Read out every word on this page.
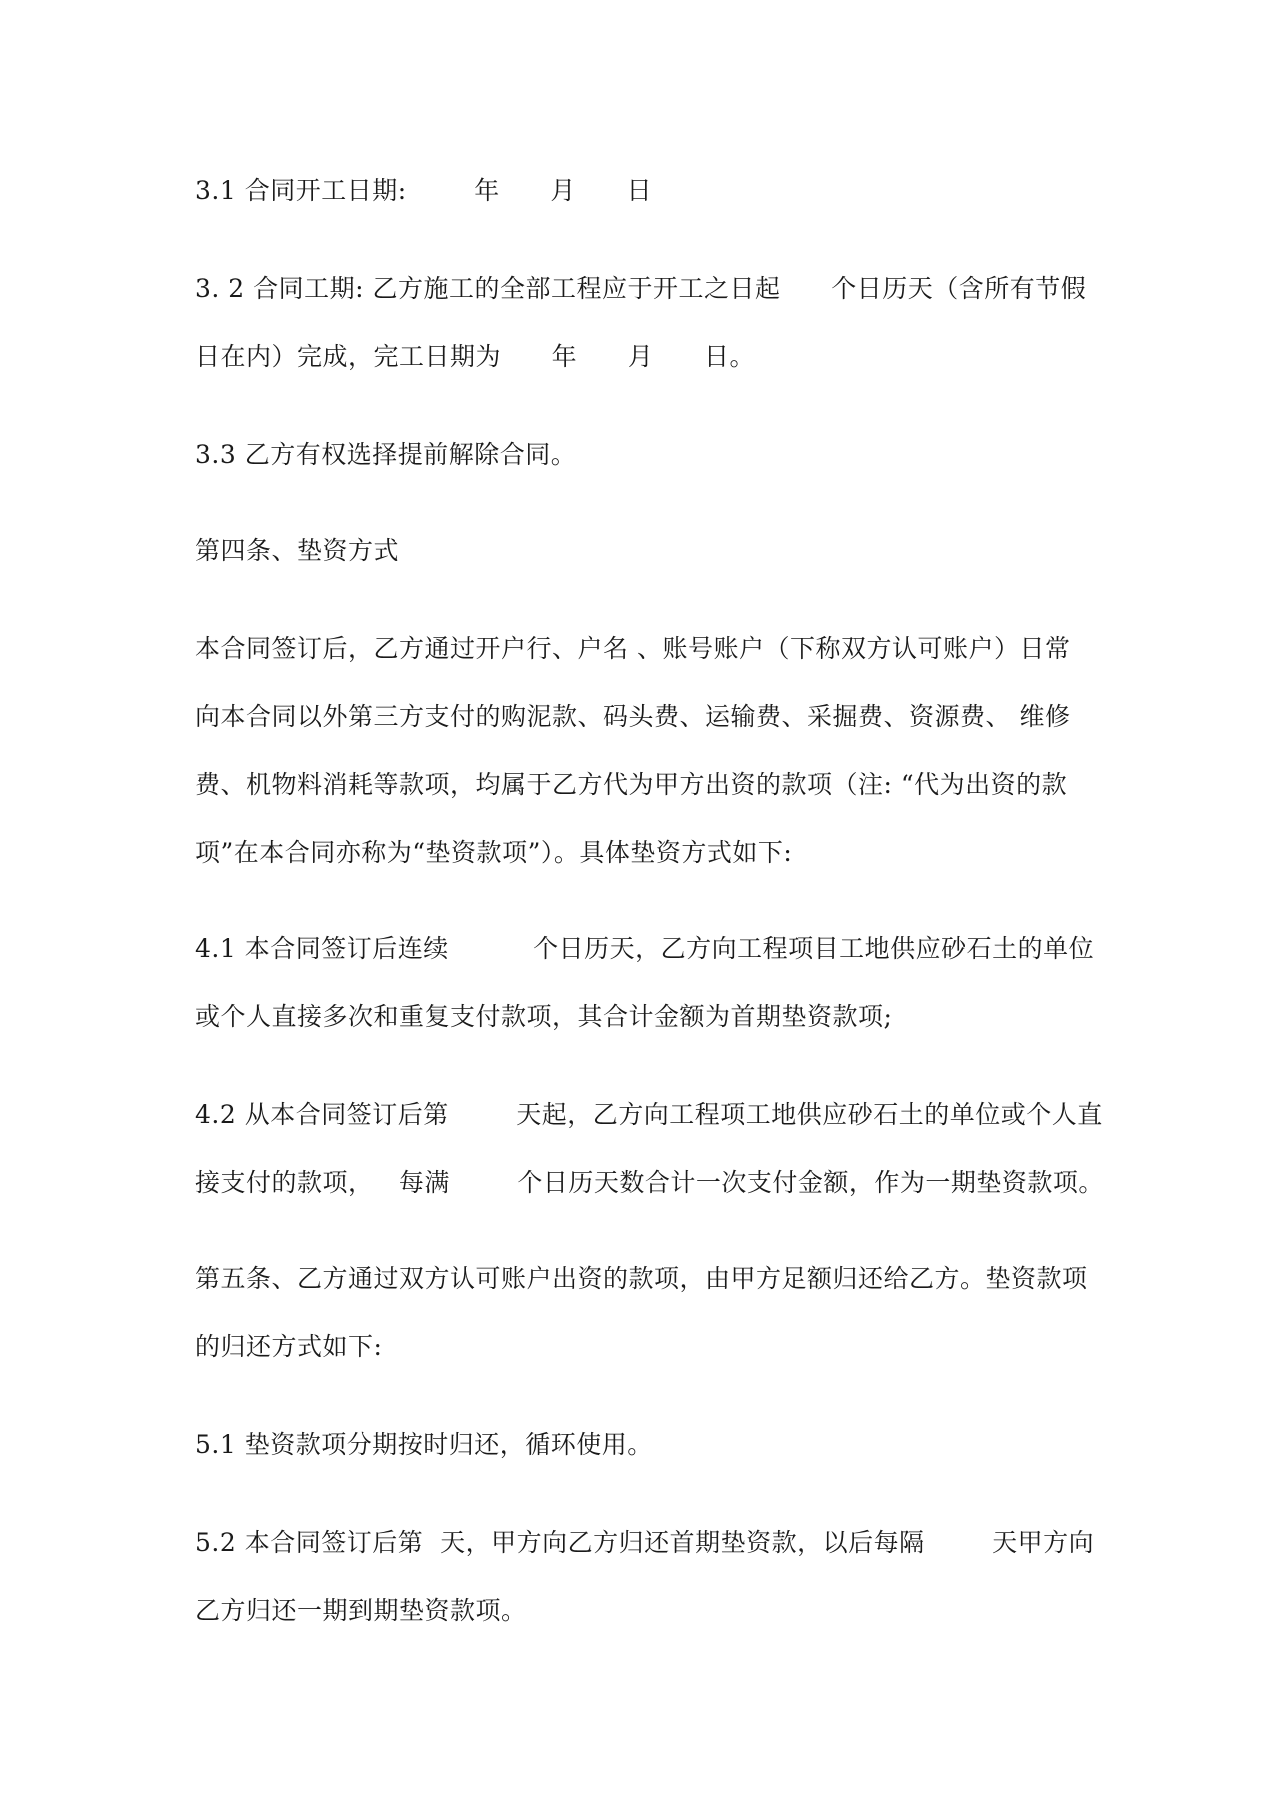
3.1 合同开工日期:        年      月      日
3. 2 合同工期: 乙方施工的全部工程应于开工之日起      个日历天（含所有节假
日在内）完成，完工日期为      年      月      日。
3.3 乙方有权选择提前解除合同。
第四条、垫资方式
本合同签订后，乙方通过开户行、户名 、账号账户（下称双方认可账户）日常
向本合同以外第三方支付的购泥款、码头费、运输费、采掘费、资源费、 维修
费、机物料消耗等款项，均属于乙方代为甲方出资的款项（注: “代为出资的款
项”在本合同亦称为“垫资款项”）。具体垫资方式如下:
4.1 本合同签订后连续          个日历天，乙方向工程项目工地供应砂石土的单位
或个人直接多次和重复支付款项，其合计金额为首期垫资款项;
4.2 从本合同签订后第        天起，乙方向工程项工地供应砂石土的单位或个人直
接支付的款项，   每满        个日历天数合计一次支付金额，作为一期垫资款项。
第五条、乙方通过双方认可账户出资的款项，由甲方足额归还给乙方。垫资款项
的归还方式如下:
5.1 垫资款项分期按时归还，循环使用。
5.2 本合同签订后第  天，甲方向乙方归还首期垫资款，以后每隔        天甲方向
乙方归还一期到期垫资款项。
